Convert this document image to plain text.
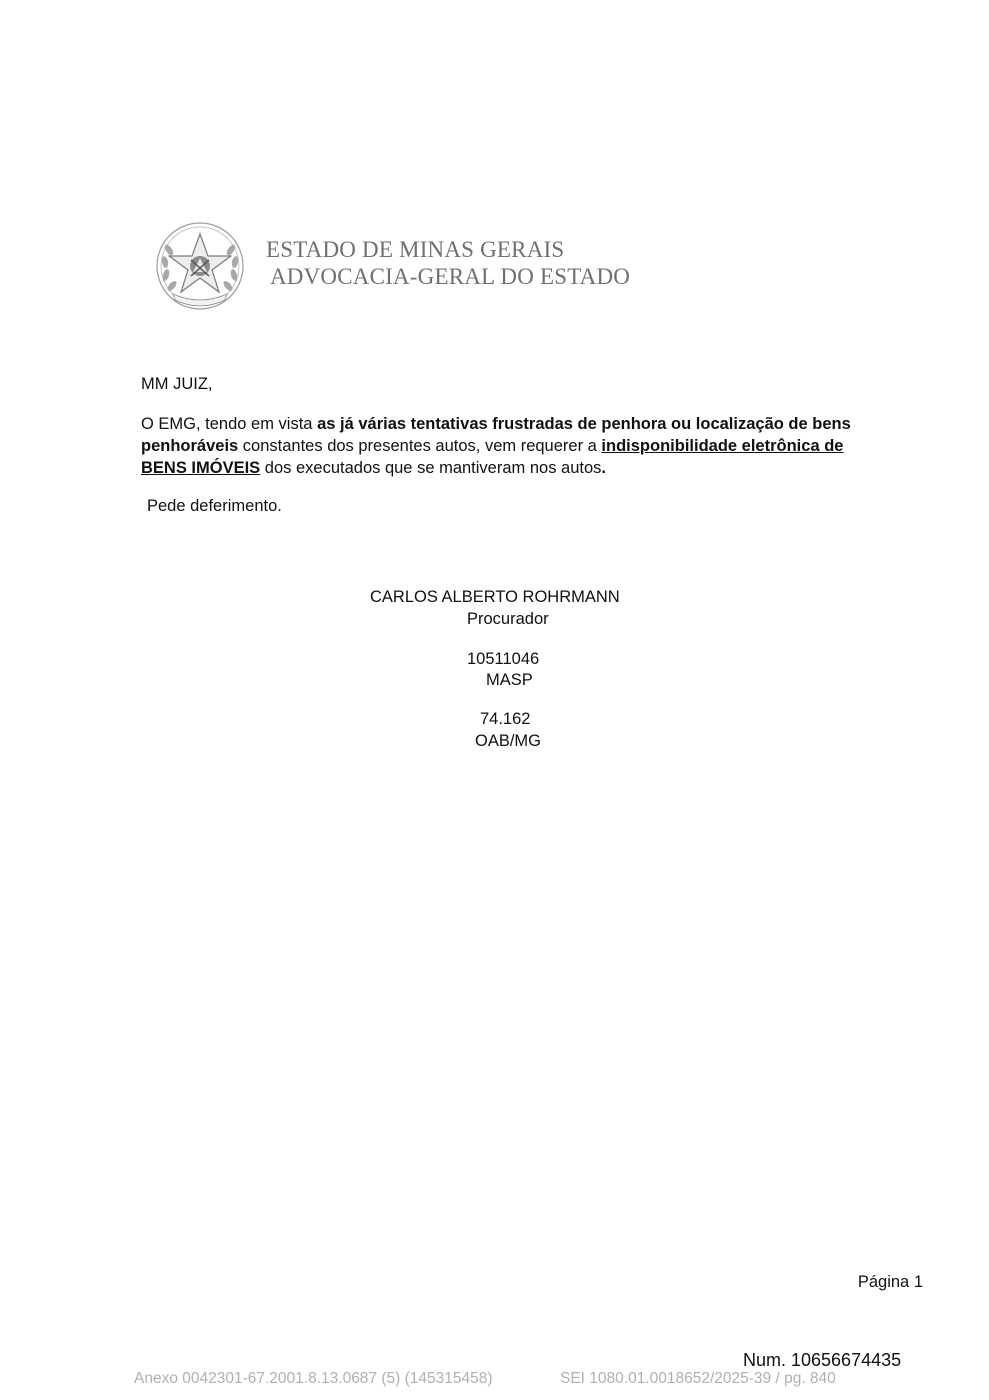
ESTADO DE MINAS GERAIS
ADVOCACIA-GERAL DO ESTADO
MM JUIZ,
O EMG, tendo em vista as já várias tentativas frustradas de penhora ou localização de bens penhoráveis constantes dos presentes autos, vem requerer a indisponibilidade eletrônica de BENS IMÓVEIS dos executados que se mantiveram nos autos.
Pede deferimento.
CARLOS ALBERTO ROHRMANN
Procurador
10511046
MASP
74.162
OAB/MG
Página 1
Num. 10656674435
Anexo 0042301-67.2001.8.13.0687 (5) (145315458)	SEI 1080.01.0018652/2025-39 / pg. 840
